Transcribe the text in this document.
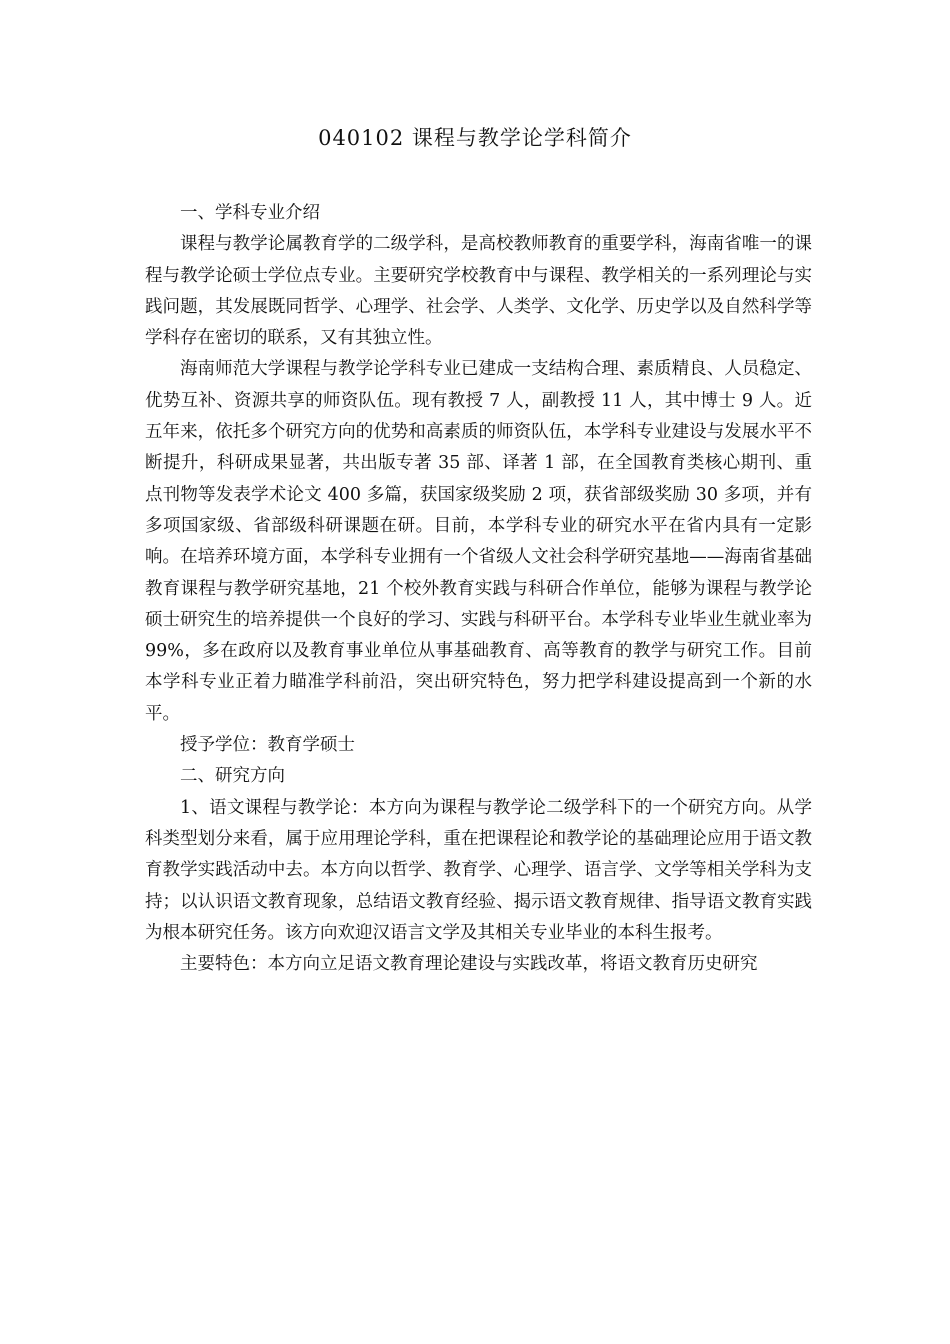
040102 课程与教学论学科简介

一、学科专业介绍

课程与教学论属教育学的二级学科，是高校教师教育的重要学科，海南省唯一的课程与教学论硕士学位点专业。主要研究学校教育中与课程、教学相关的一系列理论与实践问题，其发展既同哲学、心理学、社会学、人类学、文化学、历史学以及自然科学等学科存在密切的联系，又有其独立性。

海南师范大学课程与教学论学科专业已建成一支结构合理、素质精良、人员稳定、优势互补、资源共享的师资队伍。现有教授 7 人，副教授 11 人，其中博士 9 人。近五年来，依托多个研究方向的优势和高素质的师资队伍，本学科专业建设与发展水平不断提升，科研成果显著，共出版专著 35 部、译著 1 部，在全国教育类核心期刊、重点刊物等发表学术论文 400 多篇，获国家级奖励 2 项，获省部级奖励 30 多项，并有多项国家级、省部级科研课题在研。目前，本学科专业的研究水平在省内具有一定影响。在培养环境方面，本学科专业拥有一个省级人文社会科学研究基地——海南省基础教育课程与教学研究基地，21 个校外教育实践与科研合作单位，能够为课程与教学论硕士研究生的培养提供一个良好的学习、实践与科研平台。本学科专业毕业生就业率为 99%，多在政府以及教育事业单位从事基础教育、高等教育的教学与研究工作。目前本学科专业正着力瞄准学科前沿，突出研究特色，努力把学科建设提高到一个新的水平。

授予学位：教育学硕士

二、研究方向

1、语文课程与教学论：本方向为课程与教学论二级学科下的一个研究方向。从学科类型划分来看，属于应用理论学科，重在把课程论和教学论的基础理论应用于语文教育教学实践活动中去。本方向以哲学、教育学、心理学、语言学、文学等相关学科为支持；以认识语文教育现象，总结语文教育经验、揭示语文教育规律、指导语文教育实践为根本研究任务。该方向欢迎汉语言文学及其相关专业毕业的本科生报考。

主要特色：本方向立足语文教育理论建设与实践改革，将语文教育历史研究
